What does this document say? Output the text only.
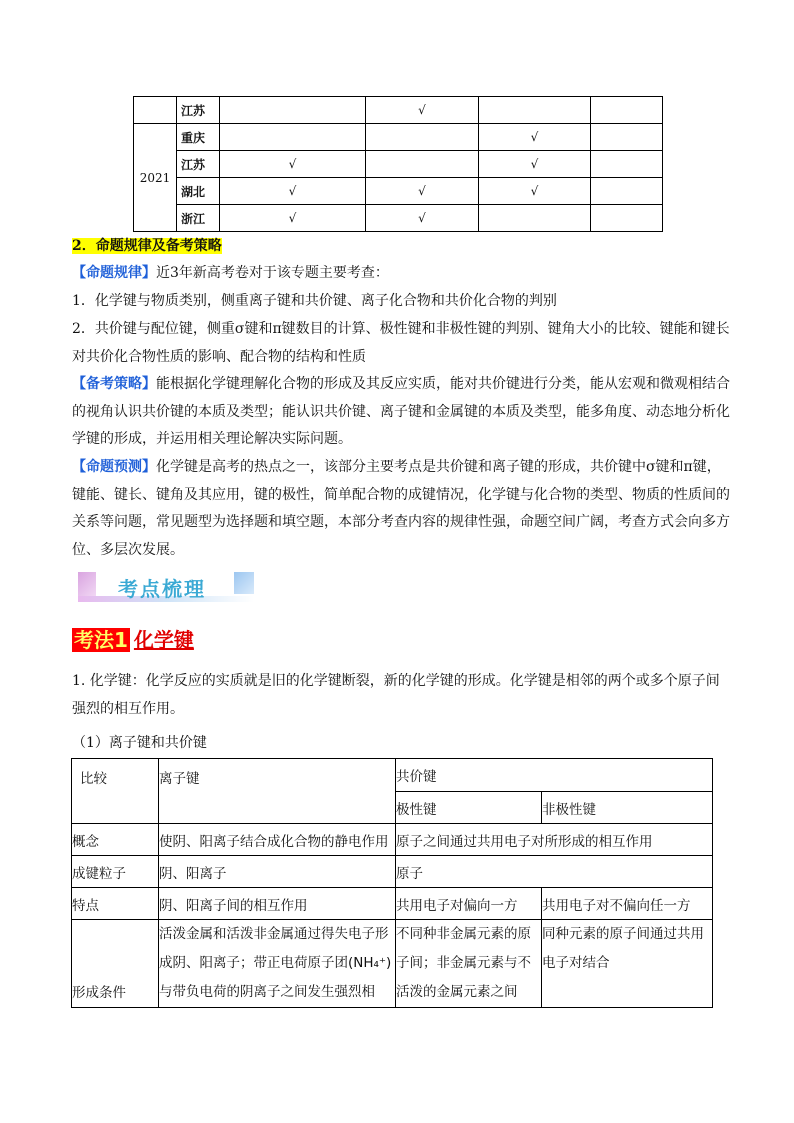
	江苏		√		
2021	重庆			√	
	江苏	√		√	
	湖北	√	√	√	
	浙江	√	√		
2．命题规律及备考策略
【命题规律】近3年新高考卷对于该专题主要考查：
1．化学键与物质类别，侧重离子键和共价键、离子化合物和共价化合物的判别
2．共价键与配位键，侧重σ键和π键数目的计算、极性键和非极性键的判别、键角大小的比较、键能和键长对共价化合物性质的影响、配合物的结构和性质
【备考策略】能根据化学键理解化合物的形成及其反应实质，能对共价键进行分类，能从宏观和微观相结合的视角认识共价键的本质及类型；能认识共价键、离子键和金属键的本质及类型，能多角度、动态地分析化学键的形成，并运用相关理论解决实际问题。
【命题预测】化学键是高考的热点之一，该部分主要考点是共价键和离子键的形成，共价键中σ键和π键，键能、键长、键角及其应用，键的极性，简单配合物的成键情况，化学键与化合物的类型、物质的性质间的关系等问题，常见题型为选择题和填空题，本部分考查内容的规律性强，命题空间广阔，考查方式会向多方位、多层次发展。
考点梳理
考法1 化学键
1. 化学键：化学反应的实质就是旧的化学键断裂，新的化学键的形成。化学键是相邻的两个或多个原子间强烈的相互作用。
（1）离子键和共价键
比较	离子键	共价键	
		极性键	非极性键
概念	使阴、阳离子结合成化合物的静电作用	原子之间通过共用电子对所形成的相互作用	
成键粒子	阴、阳离子	原子	
特点	阴、阳离子间的相互作用	共用电子对偏向一方	共用电子对不偏向任一方
形成条件	活泼金属和活泼非金属通过得失电子形成阴、阳离子；带正电荷原子团(NH₄⁺)与带负电荷的阴离子之间发生强烈相	不同种非金属元素的原子间；非金属元素与不活泼的金属元素之间	同种元素的原子间通过共用电子对结合
